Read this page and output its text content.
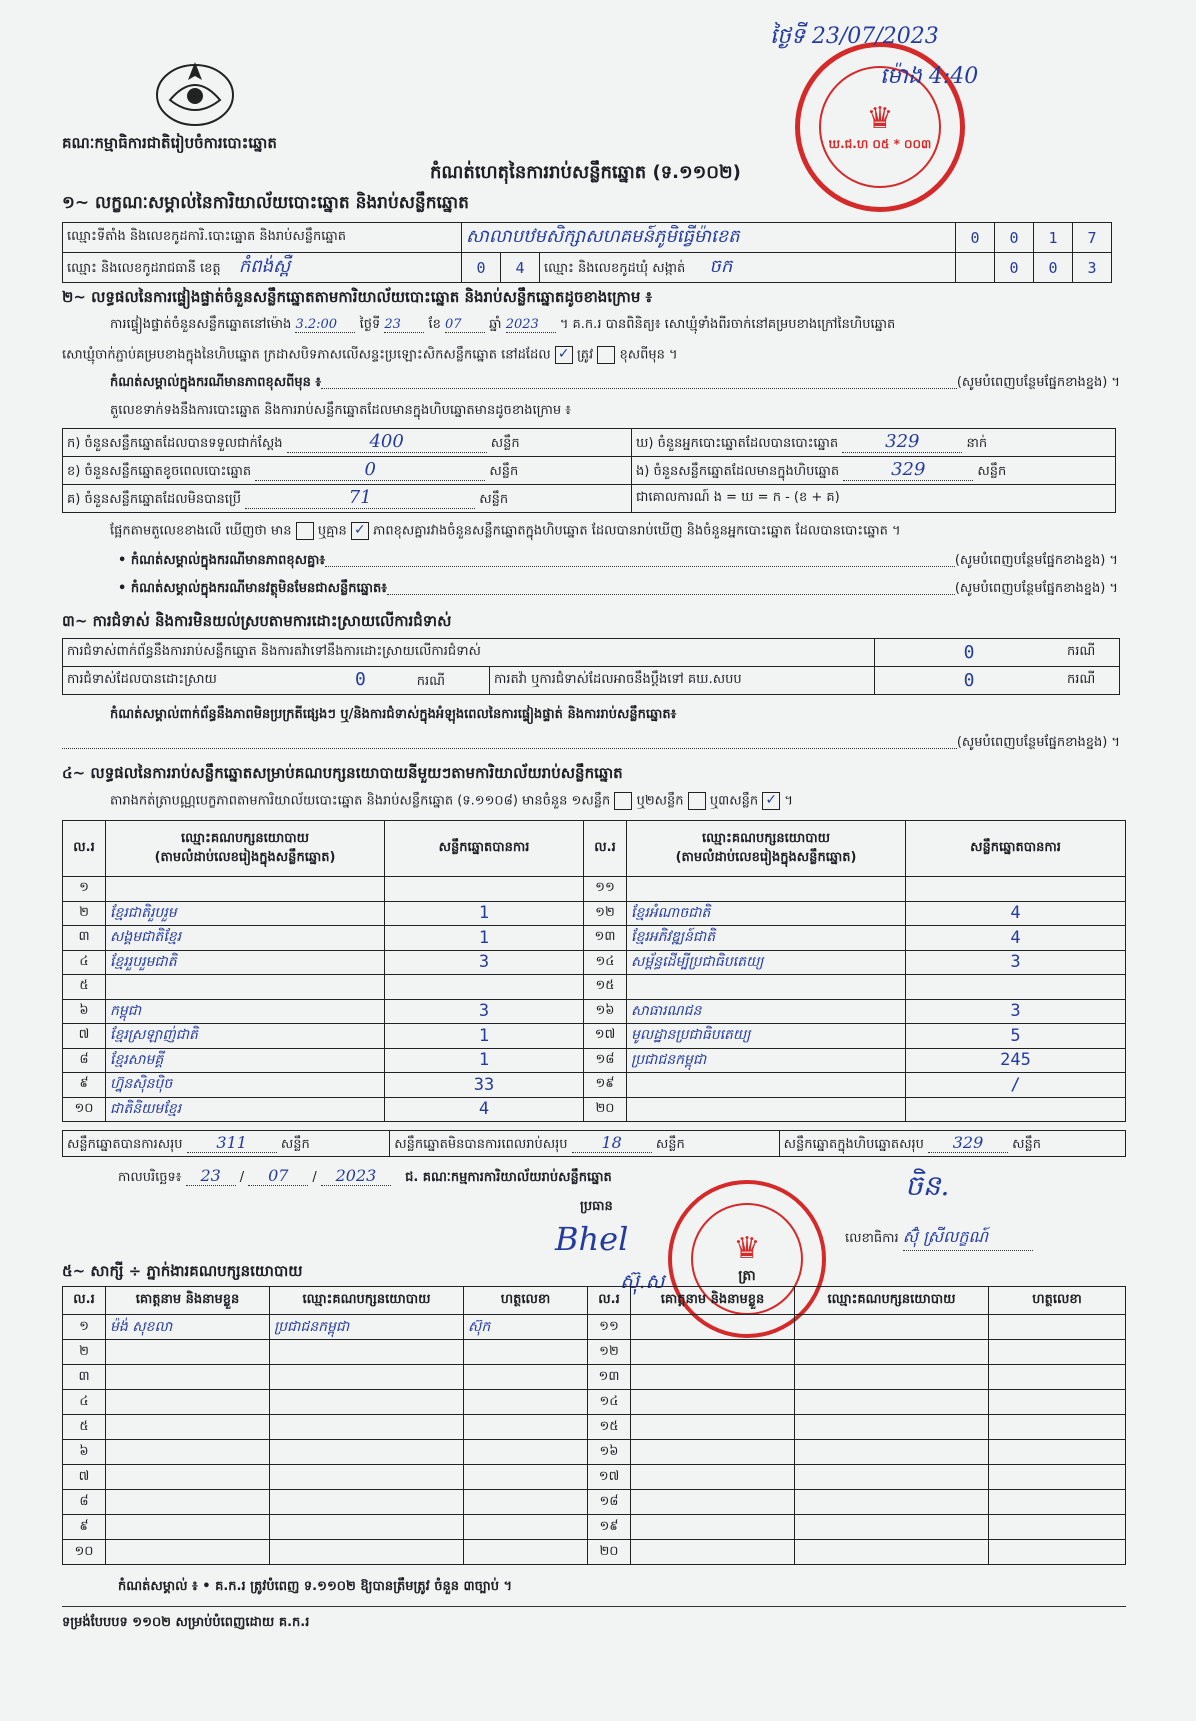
♛
ឃ.ជ.ហ ០៥ * ០០៣
ថ្ងៃទី 23/07/2023
ម៉ោង 4:40
គណៈកម្មាធិការជាតិរៀបចំការបោះឆ្នោត
កំណត់ហេតុនៃការរាប់សន្លឹកឆ្នោត (ទ.១១០២)
១~ លក្ខណៈសម្គាល់នៃការិយាល័យបោះឆ្នោត និងរាប់សន្លឹកឆ្នោត
ឈ្មោះទីតាំង និងលេខកូដការិ.បោះឆ្នោត និងរាប់សន្លឹកឆ្នោត	សាលាបឋមសិក្សាសហគមន៍ភូមិធ្វើម៉ាខេត			0	0	1	7
ឈ្មោះ និងលេខកូដរាជធានី ខេត្ត កំពង់ស្ពឺ	0	4	ឈ្មោះ និងលេខកូដឃុំ សង្កាត់ ចក		0	0	3
២~ លទ្ធផលនៃការផ្ទៀងផ្ទាត់ចំនួនសន្លឹកឆ្នោតតាមការិយាល័យបោះឆ្នោត និងរាប់សន្លឹកឆ្នោតដូចខាងក្រោម ៖
ការផ្ទៀងផ្ទាត់ចំនួនសន្លឹកឆ្នោតនៅម៉ោង 3.2:00 ថ្ងៃទី 23 ខែ 07 ឆ្នាំ 2023 ។ គ.ក.រ បានពិនិត្យ៖ សោឃ្មុំទាំងពីរចាក់នៅគម្របខាងក្រៅនៃហិបឆ្នោត
សោឃ្មុំចាក់ភ្ជាប់គម្របខាងក្នុងនៃហិបឆ្នោត ក្រដាសបិទភាសលើសន្ទះប្រឡោះសិកសន្លឹកឆ្នោត នៅដដែល ✓ ត្រូវ ខុសពីមុន ។
កំណត់សម្គាល់ក្នុងករណីមានភាពខុសពីមុន ៖	(សូមបំពេញបន្ថែមផ្នែកខាងខ្នង) ។
តួលេខទាក់ទងនឹងការបោះឆ្នោត និងការរាប់សន្លឹកឆ្នោតដែលមានក្នុងហិបឆ្នោតមានដូចខាងក្រោម ៖
ក) ចំនួនសន្លឹកឆ្នោតដែលបានទទួលជាក់ស្តែង 400 សន្លឹក	ឃ) ចំនួនអ្នកបោះឆ្នោតដែលបានបោះឆ្នោត 329 នាក់
ខ) ចំនួនសន្លឹកឆ្នោតខូចពេលបោះឆ្នោត 0 សន្លឹក	ង) ចំនួនសន្លឹកឆ្នោតដែលមានក្នុងហិបឆ្នោត 329 សន្លឹក
គ) ចំនួនសន្លឹកឆ្នោតដែលមិនបានប្រើ 71 សន្លឹក	ជាគោលការណ៍ ង = ឃ = ក - (ខ + គ)
ផ្អែកតាមតួលេខខាងលើ ឃើញថា មាន ឬគ្មាន ✓ ភាពខុសគ្នារវាងចំនួនសន្លឹកឆ្នោតក្នុងហិបឆ្នោត ដែលបានរាប់ឃើញ និងចំនួនអ្នកបោះឆ្នោត ដែលបានបោះឆ្នោត ។
• កំណត់សម្គាល់ក្នុងករណីមានភាពខុសគ្នា៖	(សូមបំពេញបន្ថែមផ្នែកខាងខ្នង) ។
• កំណត់សម្គាល់ក្នុងករណីមានវត្ថុមិនមែនជាសន្លឹកឆ្នោត៖	(សូមបំពេញបន្ថែមផ្នែកខាងខ្នង) ។
៣~ ការជំទាស់ និងការមិនយល់ស្របតាមការដោះស្រាយលើការជំទាស់
ការជំទាស់ពាក់ព័ន្ធនឹងការរាប់សន្លឹកឆ្នោត និងការតវ៉ាទៅនឹងការដោះស្រាយលើការជំទាស់			0	ករណី
ការជំទាស់ដែលបានដោះស្រាយ	0 ករណី	ការតវ៉ា ឬការជំទាស់ដែលអាចនឹងប្តឹងទៅ គឃ.សបប	0	ករណី
កំណត់សម្គាល់ពាក់ព័ន្ធនឹងភាពមិនប្រក្រតីផ្សេងៗ ឬ/និងការជំទាស់ក្នុងអំឡុងពេលនៃការផ្ទៀងផ្ទាត់ និងការរាប់សន្លឹកឆ្នោត៖
(សូមបំពេញបន្ថែមផ្នែកខាងខ្នង) ។
៤~ លទ្ធផលនៃការរាប់សន្លឹកឆ្នោតសម្រាប់គណបក្សនយោបាយនីមួយៗតាមការិយាល័យរាប់សន្លឹកឆ្នោត
តារាងកត់ត្រាបណ្ណបេក្ខភាពតាមការិយាល័យបោះឆ្នោត និងរាប់សន្លឹកឆ្នោត (ទ.១១០៨) មានចំនួន ១សន្លឹក ឬ២សន្លឹក ឬ៣សន្លឹក ✓ ។
ល.រ	ឈ្មោះគណបក្សនយោបាយ
(តាមលំដាប់លេខរៀងក្នុងសន្លឹកឆ្នោត)	សន្លឹកឆ្នោតបានការ	ល.រ	ឈ្មោះគណបក្សនយោបាយ
(តាមលំដាប់លេខរៀងក្នុងសន្លឹកឆ្នោត)	សន្លឹកឆ្នោតបានការ
១			១១		
២	ខ្មែរជាតិរួបរួម	1	១២	ខ្មែរអំណាចជាតិ	4
៣	សង្គមជាតិខ្មែរ	1	១៣	ខ្មែរអភិវឌ្ឍន៍ជាតិ	4
៤	ខ្មែររួបរួមជាតិ	3	១៤	សម្ព័ន្ធដើម្បីប្រជាធិបតេយ្យ	3
៥			១៥		
៦	កម្ពុជា	3	១៦	សាធារណជន	3
៧	ខ្មែរស្រឡាញ់ជាតិ	1	១៧	មូលដ្ឋានប្រជាធិបតេយ្យ	5
៨	ខ្មែរសាមគ្គី	1	១៨	ប្រជាជនកម្ពុជា	245
៩	ហ្វ៊ុនស៊ិនប៉ិច	33	១៩		/
១០	ជាតិនិយមខ្មែរ	4	២០		
សន្លឹកឆ្នោតបានការសរុប 311	សន្លឹក	សន្លឹកឆ្នោតមិនបានការពេលរាប់សរុប 18	សន្លឹក	សន្លឹកឆ្នោតក្នុងហិបឆ្នោតសរុប 329 សន្លឹក
កាលបរិច្ឆេទ៖ 23 / 07 / 2023 ជ. គណៈកម្មការការិយាល័យរាប់សន្លឹកឆ្នោត	ចិន.
ប្រធាន
Bhel
ស៊ុ.ស
♛
ត្រា
លេខាធិការ ស៊ុំ ស្រីលក្ខណ៍
៥~ សាក្សី ÷ ភ្នាក់ងារគណបក្សនយោបាយ
ល.រ	គោត្តនាម និងនាមខ្លួន	ឈ្មោះគណបក្សនយោបាយ	ហត្ថលេខា	ល.រ	គោត្តនាម និងនាមខ្លួន	ឈ្មោះគណបក្សនយោបាយ	ហត្ថលេខា
១	ម៉ង់ សុខលា	ប្រជាជនកម្ពុជា	ស៊ុក	១១			
២				១២			
៣				១៣			
៤				១៤			
៥				១៥			
៦				១៦			
៧				១៧			
៨				១៨			
៩				១៩			
១០				២០			
កំណត់សម្គាល់ ៖ • គ.ក.រ ត្រូវបំពេញ ទ.១១០២ ឱ្យបានត្រឹមត្រូវ ចំនួន ៣ច្បាប់ ។
ទម្រង់បែបបទ ១១០២ សម្រាប់បំពេញដោយ គ.ក.រ
